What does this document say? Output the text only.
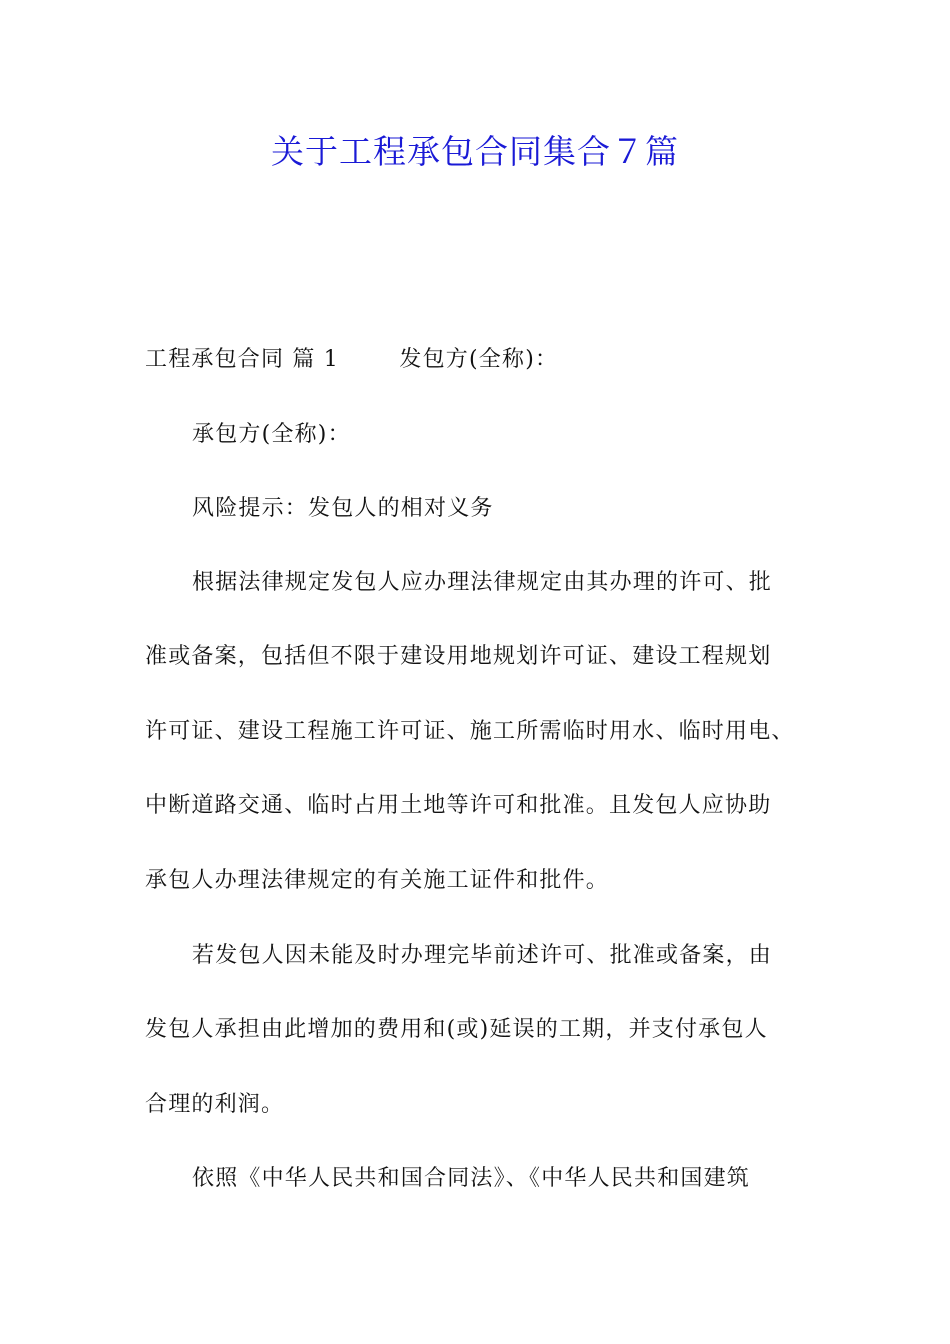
关于工程承包合同集合７篇
工程承包合同 篇 1	发包方(全称)：
承包方(全称)：
风险提示：发包人的相对义务
根据法律规定发包人应办理法律规定由其办理的许可、批
准或备案，包括但不限于建设用地规划许可证、建设工程规划
许可证、建设工程施工许可证、施工所需临时用水、临时用电、
中断道路交通、临时占用土地等许可和批准。且发包人应协助
承包人办理法律规定的有关施工证件和批件。
若发包人因未能及时办理完毕前述许可、批准或备案，由
发包人承担由此增加的费用和(或)延误的工期，并支付承包人
合理的利润。
依照《中华人民共和国合同法》、《中华人民共和国建筑
